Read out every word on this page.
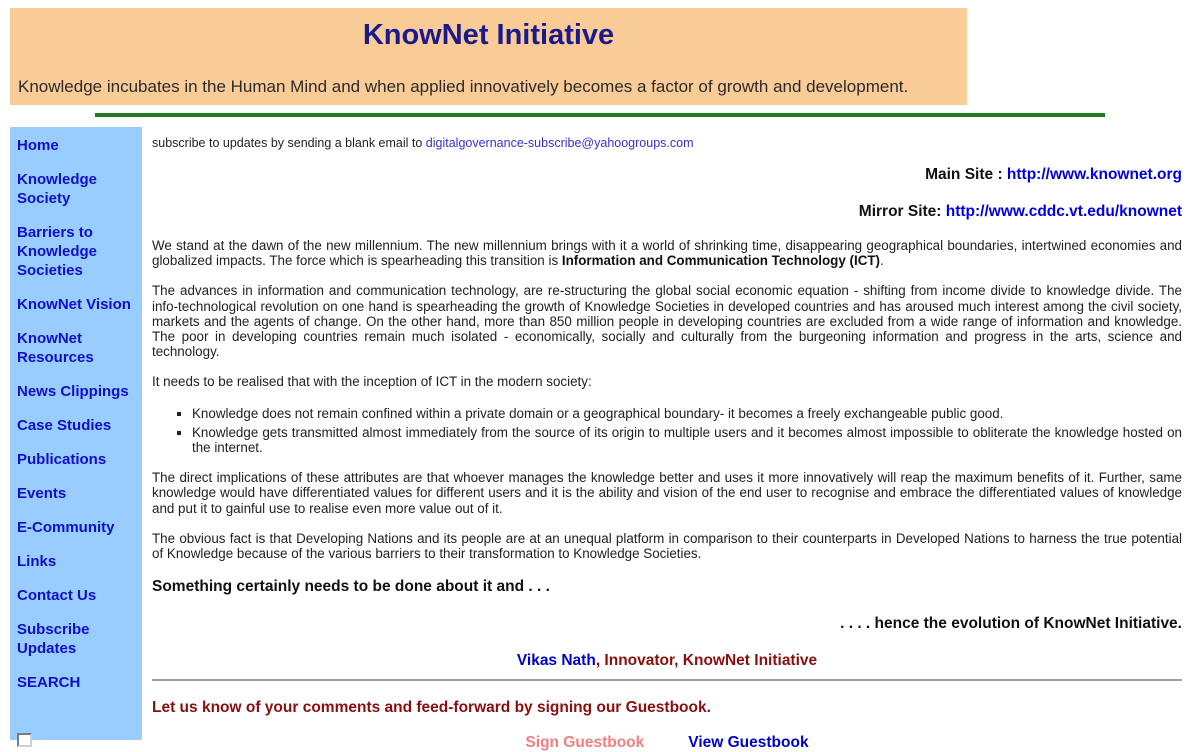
KnowNet Initiative
Knowledge incubates in the Human Mind and when applied innovatively becomes a factor of growth and development.
Home
Knowledge Society
Barriers to Knowledge Societies
KnowNet Vision
KnowNet Resources
News Clippings
Case Studies
Publications
Events
E-Community
Links
Contact Us
Subscribe Updates
SEARCH

subscribe to updates by sending a blank email to digitalgovernance-subscribe@yahoogroups.com

Main Site : http://www.knownet.org
Mirror Site: http://www.cddc.vt.edu/knownet

We stand at the dawn of the new millennium. The new millennium brings with it a world of shrinking time, disappearing geographical boundaries, intertwined economies and globalized impacts. The force which is spearheading this transition is Information and Communication Technology (ICT).

The advances in information and communication technology, are re-structuring the global social economic equation - shifting from income divide to knowledge divide. The info-technological revolution on one hand is spearheading the growth of Knowledge Societies in developed countries and has aroused much interest among the civil society, markets and the agents of change. On the other hand, more than 850 million people in developing countries are excluded from a wide range of information and knowledge. The poor in developing countries remain much isolated - economically, socially and culturally from the burgeoning information and progress in the arts, science and technology.

It needs to be realised that with the inception of ICT in the modern society:

▪ Knowledge does not remain confined within a private domain or a geographical boundary- it becomes a freely exchangeable public good.
▪ Knowledge gets transmitted almost immediately from the source of its origin to multiple users and it becomes almost impossible to obliterate the knowledge hosted on the internet.

The direct implications of these attributes are that whoever manages the knowledge better and uses it more innovatively will reap the maximum benefits of it. Further, same knowledge would have differentiated values for different users and it is the ability and vision of the end user to recognise and embrace the differentiated values of knowledge and put it to gainful use to realise even more value out of it.

The obvious fact is that Developing Nations and its people are at an unequal platform in comparison to their counterparts in Developed Nations to harness the true potential of Knowledge because of the various barriers to their transformation to Knowledge Societies.

Something certainly needs to be done about it and . . .
. . . . hence the evolution of KnowNet Initiative.
Vikas Nath, Innovator, KnowNet Initiative
Let us know of your comments and feed-forward by signing our Guestbook.
Sign Guestbook	View Guestbook
